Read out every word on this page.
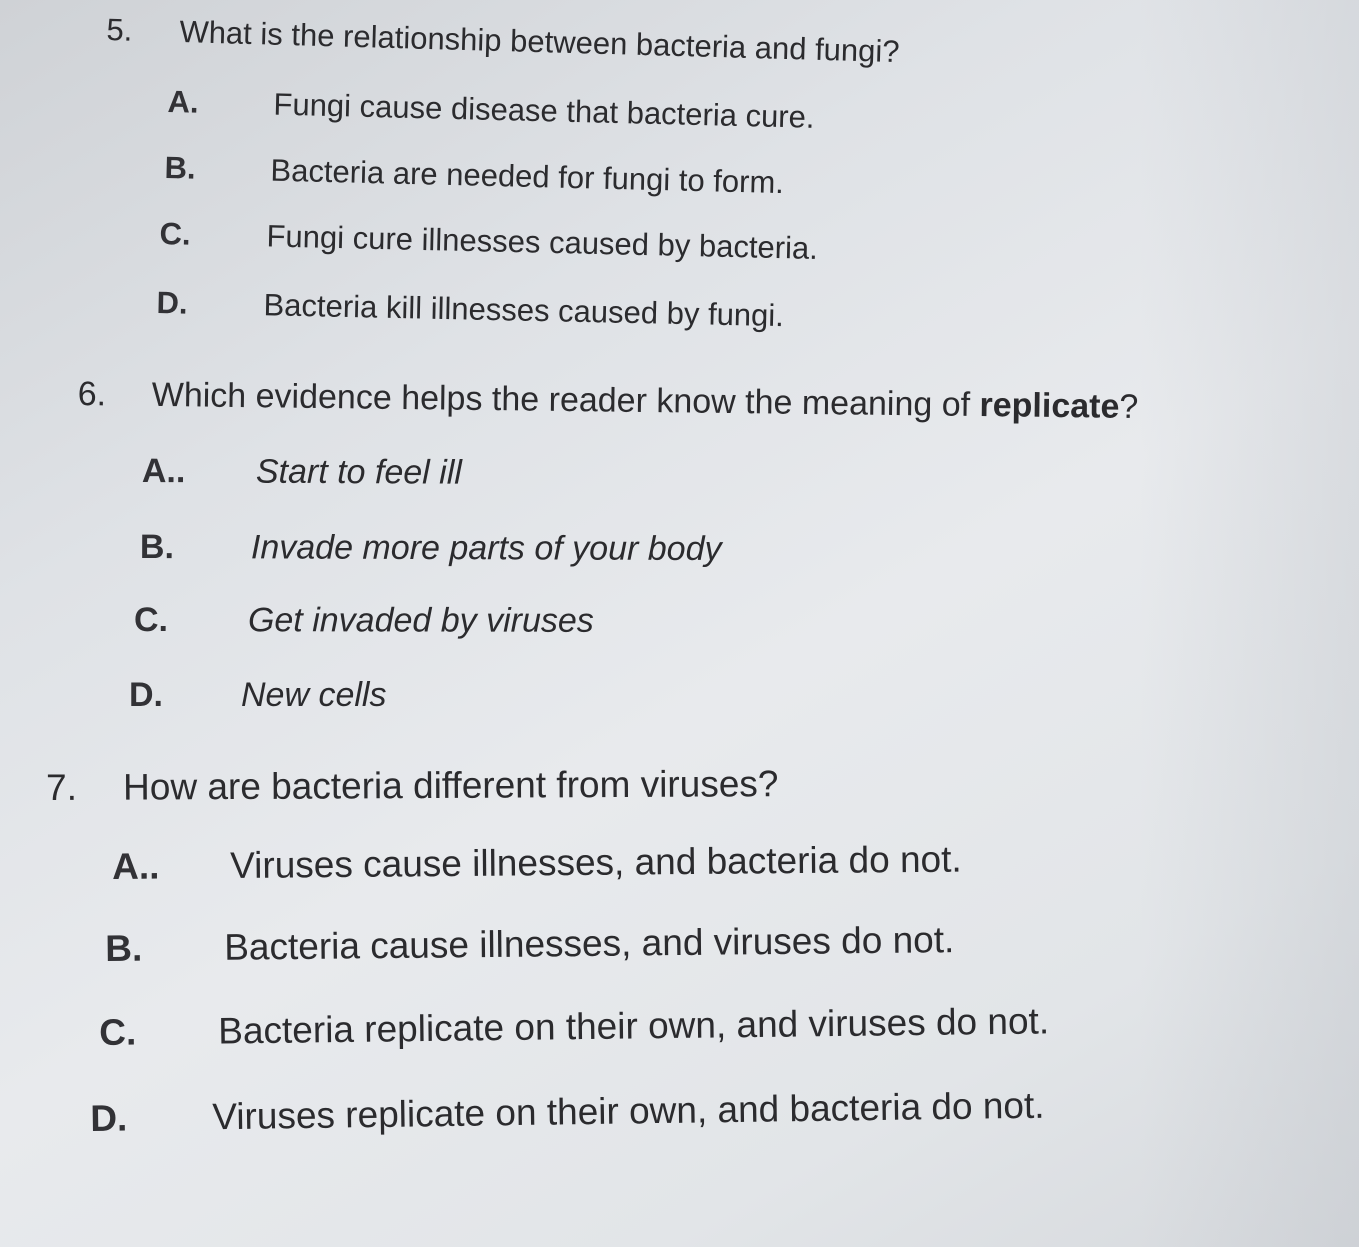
5. What is the relationship between bacteria and fungi?
A. Fungi cause disease that bacteria cure.
B. Bacteria are needed for fungi to form.
C. Fungi cure illnesses caused by bacteria.
D. Bacteria kill illnesses caused by fungi.
6. Which evidence helps the reader know the meaning of replicate?
A.. Start to feel ill
B. Invade more parts of your body
C. Get invaded by viruses
D. New cells
7. How are bacteria different from viruses?
A.. Viruses cause illnesses, and bacteria do not.
B. Bacteria cause illnesses, and viruses do not.
C. Bacteria replicate on their own, and viruses do not.
D. Viruses replicate on their own, and bacteria do not.
